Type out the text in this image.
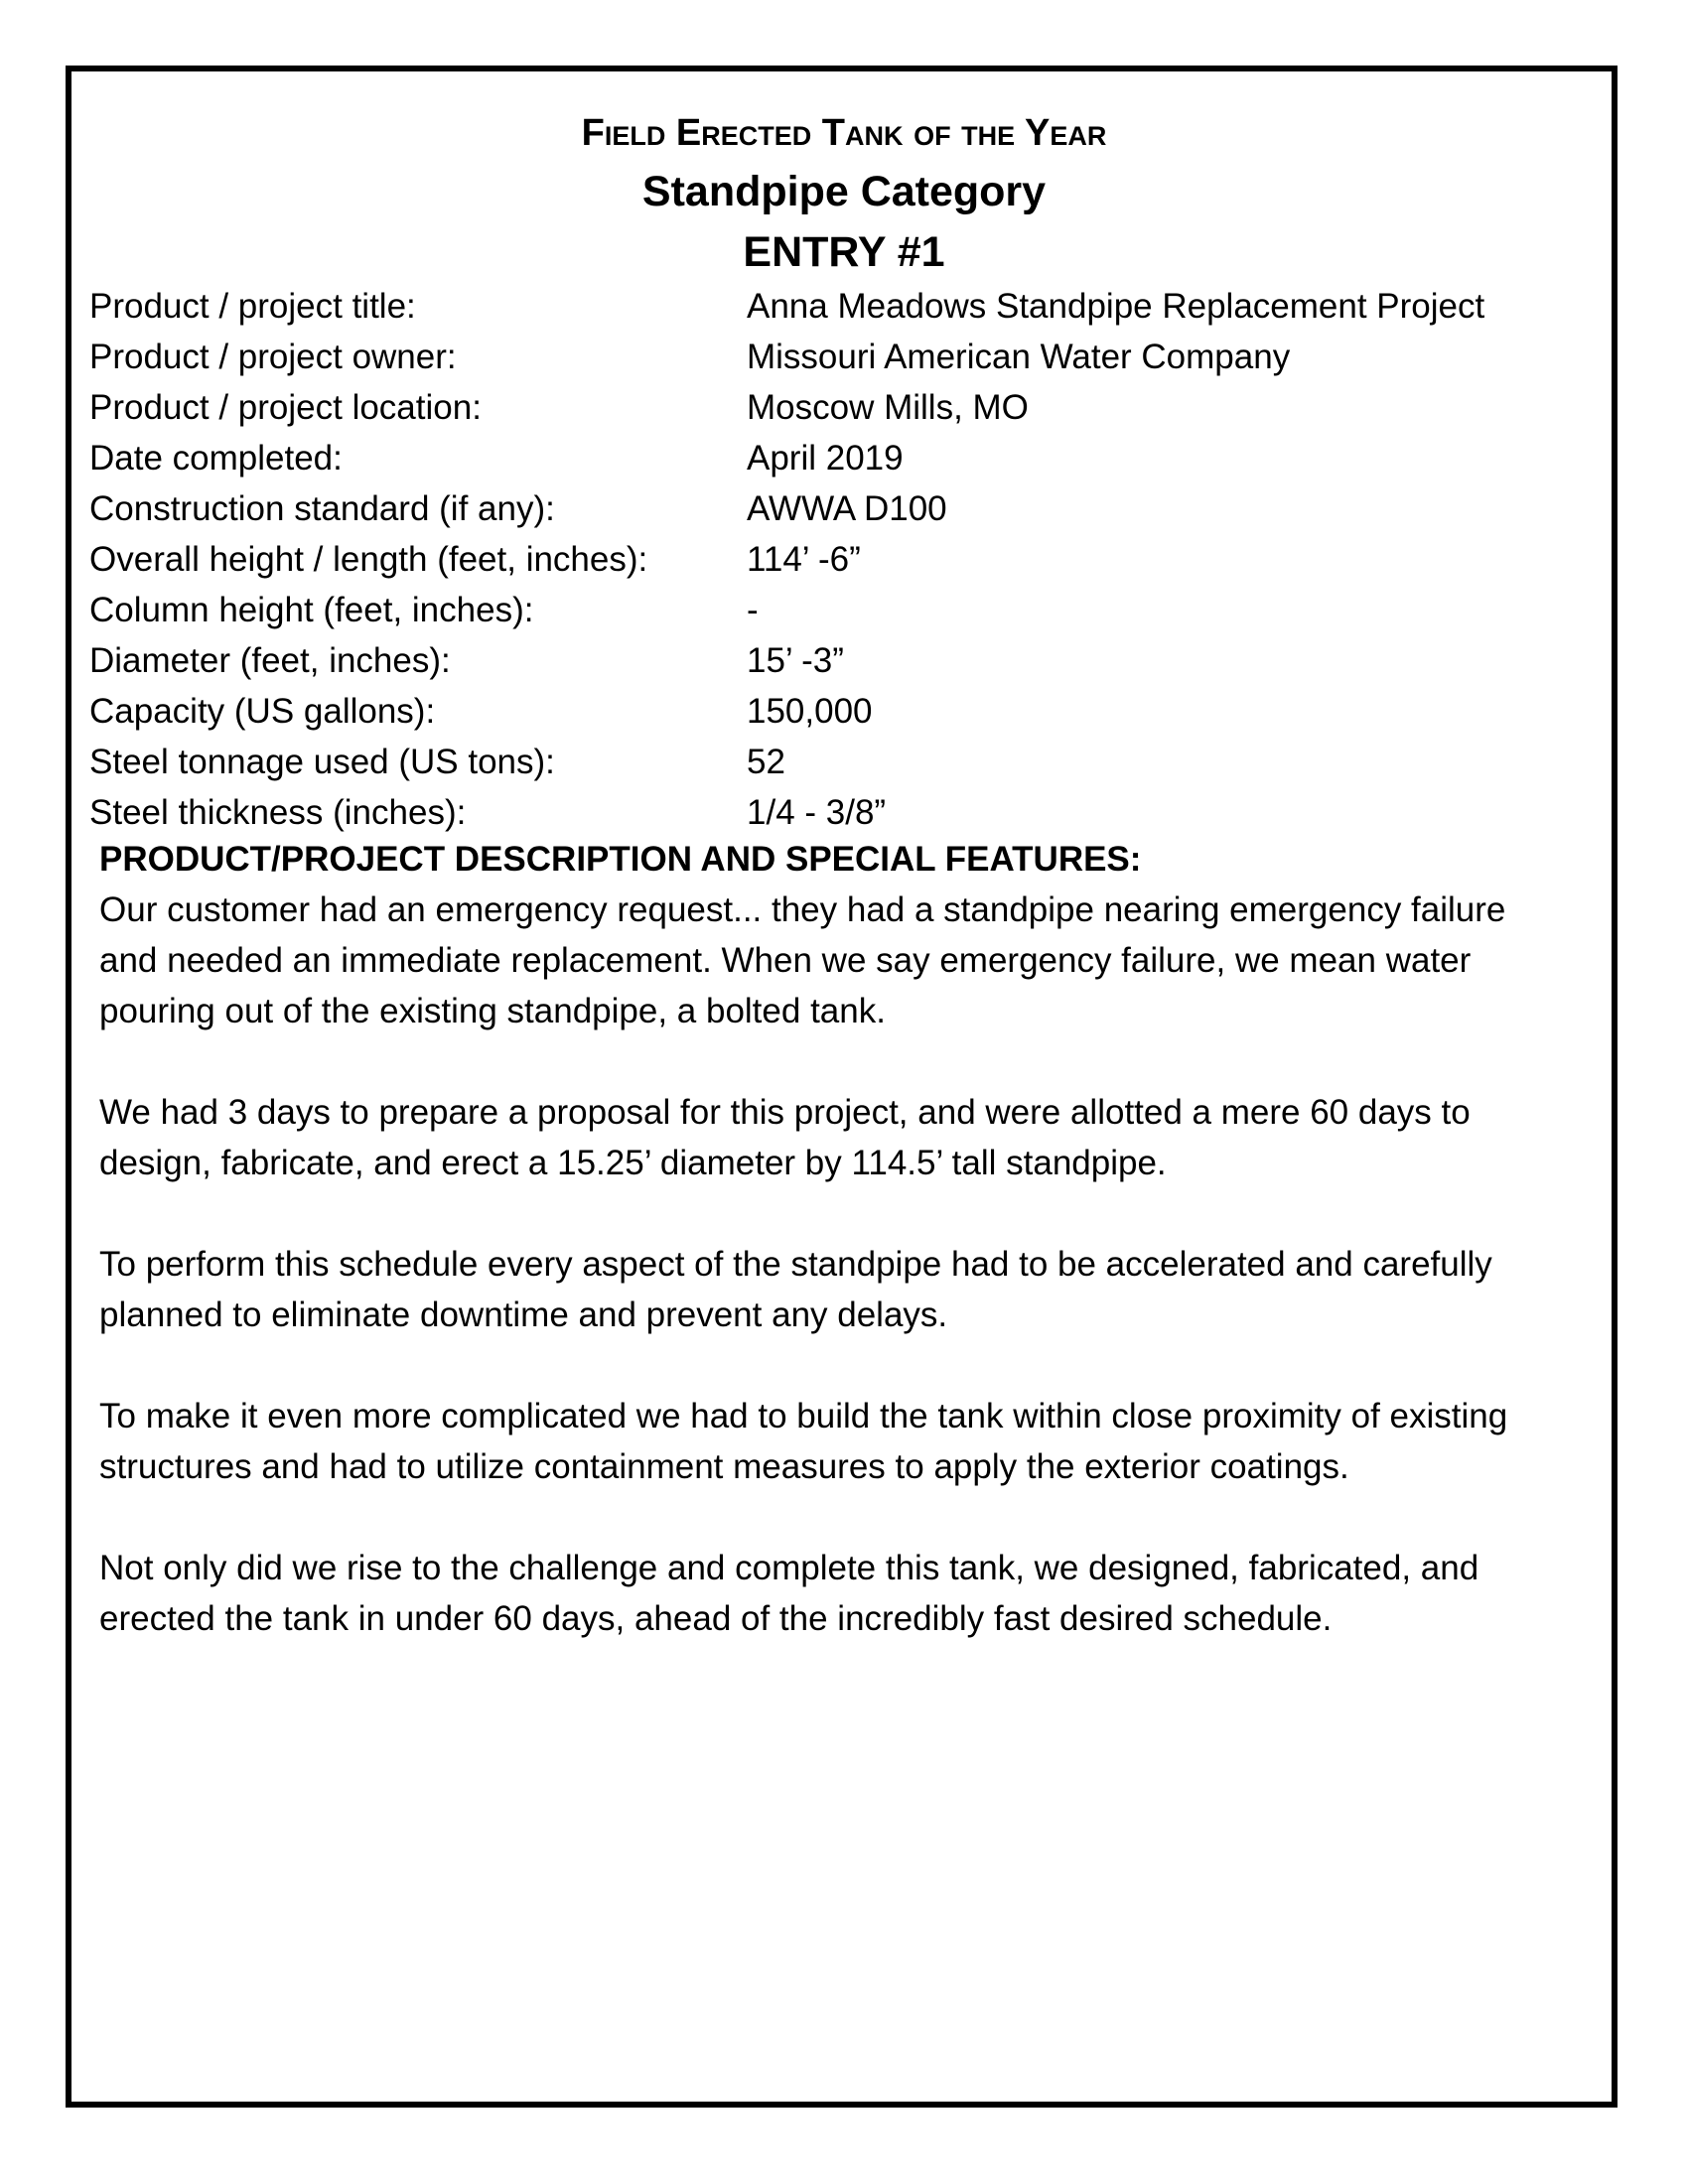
Field Erected Tank of the Year
Standpipe Category
ENTRY #1
Product / project title:	Anna Meadows Standpipe Replacement Project
Product / project owner:	Missouri American Water Company
Product / project location:	Moscow Mills, MO
Date completed:	April 2019
Construction standard (if any):	AWWA D100
Overall height / length (feet, inches):	114’ -6”
Column height (feet, inches):	-
Diameter (feet, inches):	15’ -3”
Capacity (US gallons):	150,000
Steel tonnage used (US tons):	52
Steel thickness (inches):	1/4 - 3/8”

PRODUCT/PROJECT DESCRIPTION AND SPECIAL FEATURES:

Our customer had an emergency request... they had a standpipe nearing emergency failure and needed an immediate replacement. When we say emergency failure, we mean water pouring out of the existing standpipe, a bolted tank.

We had 3 days to prepare a proposal for this project, and were allotted a mere 60 days to design, fabricate, and erect a 15.25’ diameter by 114.5’ tall standpipe.

To perform this schedule every aspect of the standpipe had to be accelerated and carefully planned to eliminate downtime and prevent any delays.

To make it even more complicated we had to build the tank within close proximity of existing structures and had to utilize containment measures to apply the exterior coatings.

Not only did we rise to the challenge and complete this tank, we designed, fabricated, and erected the tank in under 60 days, ahead of the incredibly fast desired schedule.
